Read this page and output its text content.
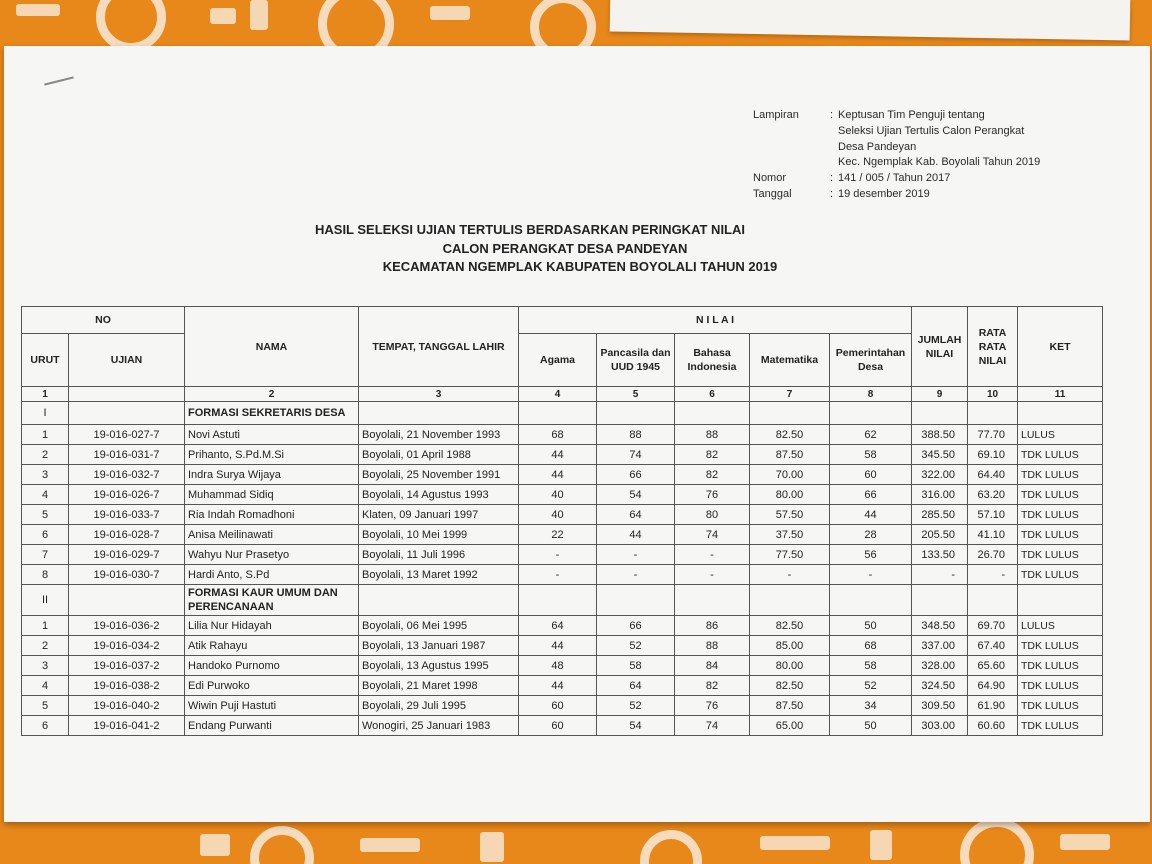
Lampiran	: Keptusan Tim Penguji tentang
Seleksi Ujian Tertulis Calon Perangkat
Desa Pandeyan
Kec. Ngemplak Kab. Boyolali Tahun 2019
Nomor	: 141 / 005 / Tahun 2017
Tanggal	: 19 desember 2019
HASIL SELEKSI UJIAN TERTULIS BERDASARKAN PERINGKAT NILAI
CALON PERANGKAT DESA PANDEYAN
KECAMATAN NGEMPLAK KABUPATEN BOYOLALI TAHUN 2019
NO		NAMA	TEMPAT, TANGGAL LAHIR	N I L A I					JUMLAH NILAI	RATA RATA NILAI	KET
URUT	UJIAN			Agama	Pancasila dan UUD 1945	Bahasa Indonesia	Matematika	Pemerintahan Desa			
1		2	3	4	5	6	7	8	9	10	11
I		FORMASI SEKRETARIS DESA									
1	19-016-027-7	Novi Astuti	Boyolali, 21 November 1993	68	88	88	82.50	62	388.50	77.70	LULUS
2	19-016-031-7	Prihanto, S.Pd.M.Si	Boyolali, 01 April 1988	44	74	82	87.50	58	345.50	69.10	TDK LULUS
3	19-016-032-7	Indra Surya Wijaya	Boyolali, 25 November 1991	44	66	82	70.00	60	322.00	64.40	TDK LULUS
4	19-016-026-7	Muhammad Sidiq	Boyolali, 14 Agustus 1993	40	54	76	80.00	66	316.00	63.20	TDK LULUS
5	19-016-033-7	Ria Indah Romadhoni	Klaten, 09 Januari 1997	40	64	80	57.50	44	285.50	57.10	TDK LULUS
6	19-016-028-7	Anisa Meilinawati	Boyolali, 10 Mei 1999	22	44	74	37.50	28	205.50	41.10	TDK LULUS
7	19-016-029-7	Wahyu Nur Prasetyo	Boyolali, 11 Juli 1996	-	-	-	77.50	56	133.50	26.70	TDK LULUS
8	19-016-030-7	Hardi Anto, S.Pd	Boyolali, 13 Maret 1992	-	-	-	-	-	-	-	TDK LULUS
II		FORMASI KAUR UMUM DAN PERENCANAAN									
1	19-016-036-2	Lilia Nur Hidayah	Boyolali, 06 Mei 1995	64	66	86	82.50	50	348.50	69.70	LULUS
2	19-016-034-2	Atik Rahayu	Boyolali, 13 Januari 1987	44	52	88	85.00	68	337.00	67.40	TDK LULUS
3	19-016-037-2	Handoko Purnomo	Boyolali, 13 Agustus 1995	48	58	84	80.00	58	328.00	65.60	TDK LULUS
4	19-016-038-2	Edi Purwoko	Boyolali, 21 Maret 1998	44	64	82	82.50	52	324.50	64.90	TDK LULUS
5	19-016-040-2	Wiwin Puji Hastuti	Boyolali, 29 Juli 1995	60	52	76	87.50	34	309.50	61.90	TDK LULUS
6	19-016-041-2	Endang Purwanti	Wonogiri, 25 Januari 1983	60	54	74	65.00	50	303.00	60.60	TDK LULUS
